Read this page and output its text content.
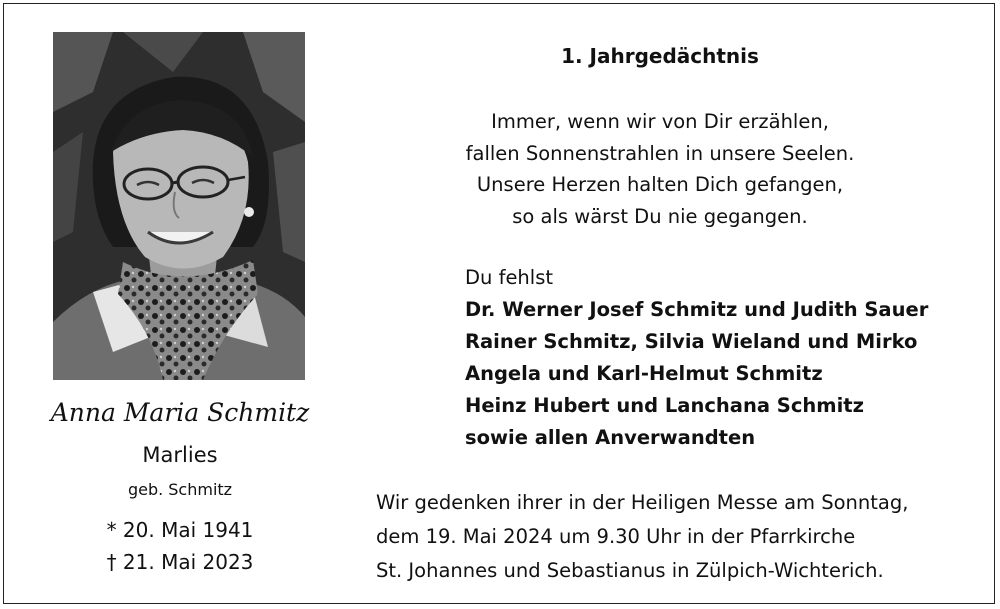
Anna Maria Schmitz
Marlies
geb. Schmitz
* 20. Mai 1941
† 21. Mai 2023
1. Jahrgedächtnis
Immer, wenn wir von Dir erzählen,
fallen Sonnenstrahlen in unsere Seelen.
Unsere Herzen halten Dich gefangen,
so als wärst Du nie gegangen.
Du fehlst
Dr. Werner Josef Schmitz und Judith Sauer
Rainer Schmitz, Silvia Wieland und Mirko
Angela und Karl-Helmut Schmitz
Heinz Hubert und Lanchana Schmitz
sowie allen Anverwandten
Wir gedenken ihrer in der Heiligen Messe am Sonntag,
dem 19. Mai 2024 um 9.30 Uhr in der Pfarrkirche
St. Johannes und Sebastianus in Zülpich-Wichterich.
